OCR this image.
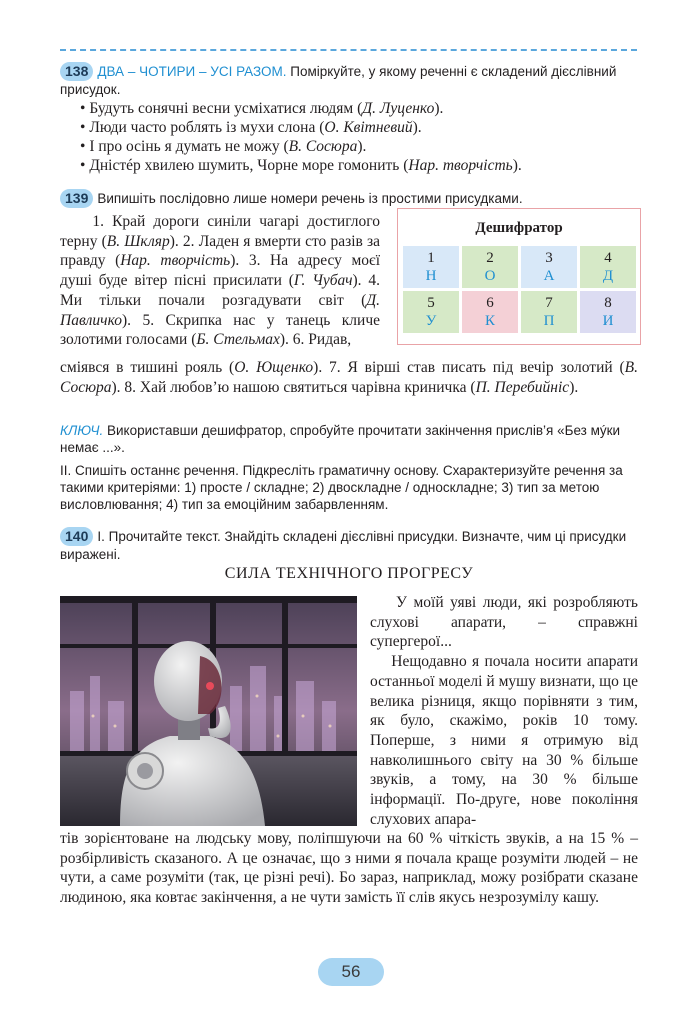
138 ДВА – ЧОТИРИ – УСІ РАЗОМ. Поміркуйте, у якому реченні є складений дієслівний присудок.
• Будуть сонячні весни усміхатися людям (Д. Луценко).
• Люди часто роблять із мухи слона (О. Квітневий).
• І про осінь я думать не можу (В. Сосюра).
• Дністéр хвилею шумить, Чорне море гомонить (Нар. творчість).
139 Випишіть послідовно лише номери речень із простими присудками.
1. Край дороги синіли чагарі достиглого терну (В. Шкляр). 2. Ладен я вмерти сто разів за правду (Нар. творчість). 3. На адресу моєї душі буде вітер пісні присилати (Г. Чубач). 4. Ми тільки почали розгадувати світ (Д. Павличко). 5. Скрипка нас у танець кличе золотими голосами (Б. Стельмах). 6. Ридав,
сміявся в тишині рояль (О. Ющенко). 7. Я вірші став писать під вечір золотий (В. Сосюра). 8. Хай любов’ю нашою святиться чарівна криничка (П. Перебийніс).
Дешифратор
1
Н
2
О
3
А
4
Д
5
У
6
К
7
П
8
И
КЛЮЧ. Використавши дешифратор, спробуйте прочитати закінчення прислів’я «Без мýки немає ...».
ІІ. Спишіть останнє речення. Підкресліть граматичну основу. Схарактеризуйте речення за такими критеріями: 1) просте / складне; 2) двоскладне / односкладне; 3) тип за метою висловлювання; 4) тип за емоційним забарвленням.
140 І. Прочитайте текст. Знайдіть складені дієслівні присудки. Визначте, чим ці присудки виражені.
СИЛА ТЕХНІЧНОГО ПРОГРЕСУ
У моїй уяві люди, які розробляють слухові апарати, – справжні супергерої...
Нещодавно я почала носити апарати останньої моделі й мушу визнати, що це велика різниця, якщо порівняти з тим, як було, скажімо, років 10 тому. Поперше, з ними я отримую від навколишнього світу на 30 % більше звуків, а тому, на 30 % більше інформації. По-друге, нове покоління слухових апара-
тів зорієнтоване на людську мову, поліпшуючи на 60 % чіткість звуків, а на 15 % – розбірливість сказаного. А це означає, що з ними я почала краще розуміти людей – не чути, а саме розуміти (так, це різні речі). Бо зараз, наприклад, можу розібрати сказане людиною, яка ковтає закінчення, а не чути замість її слів якусь незрозумілу кашу.
56
